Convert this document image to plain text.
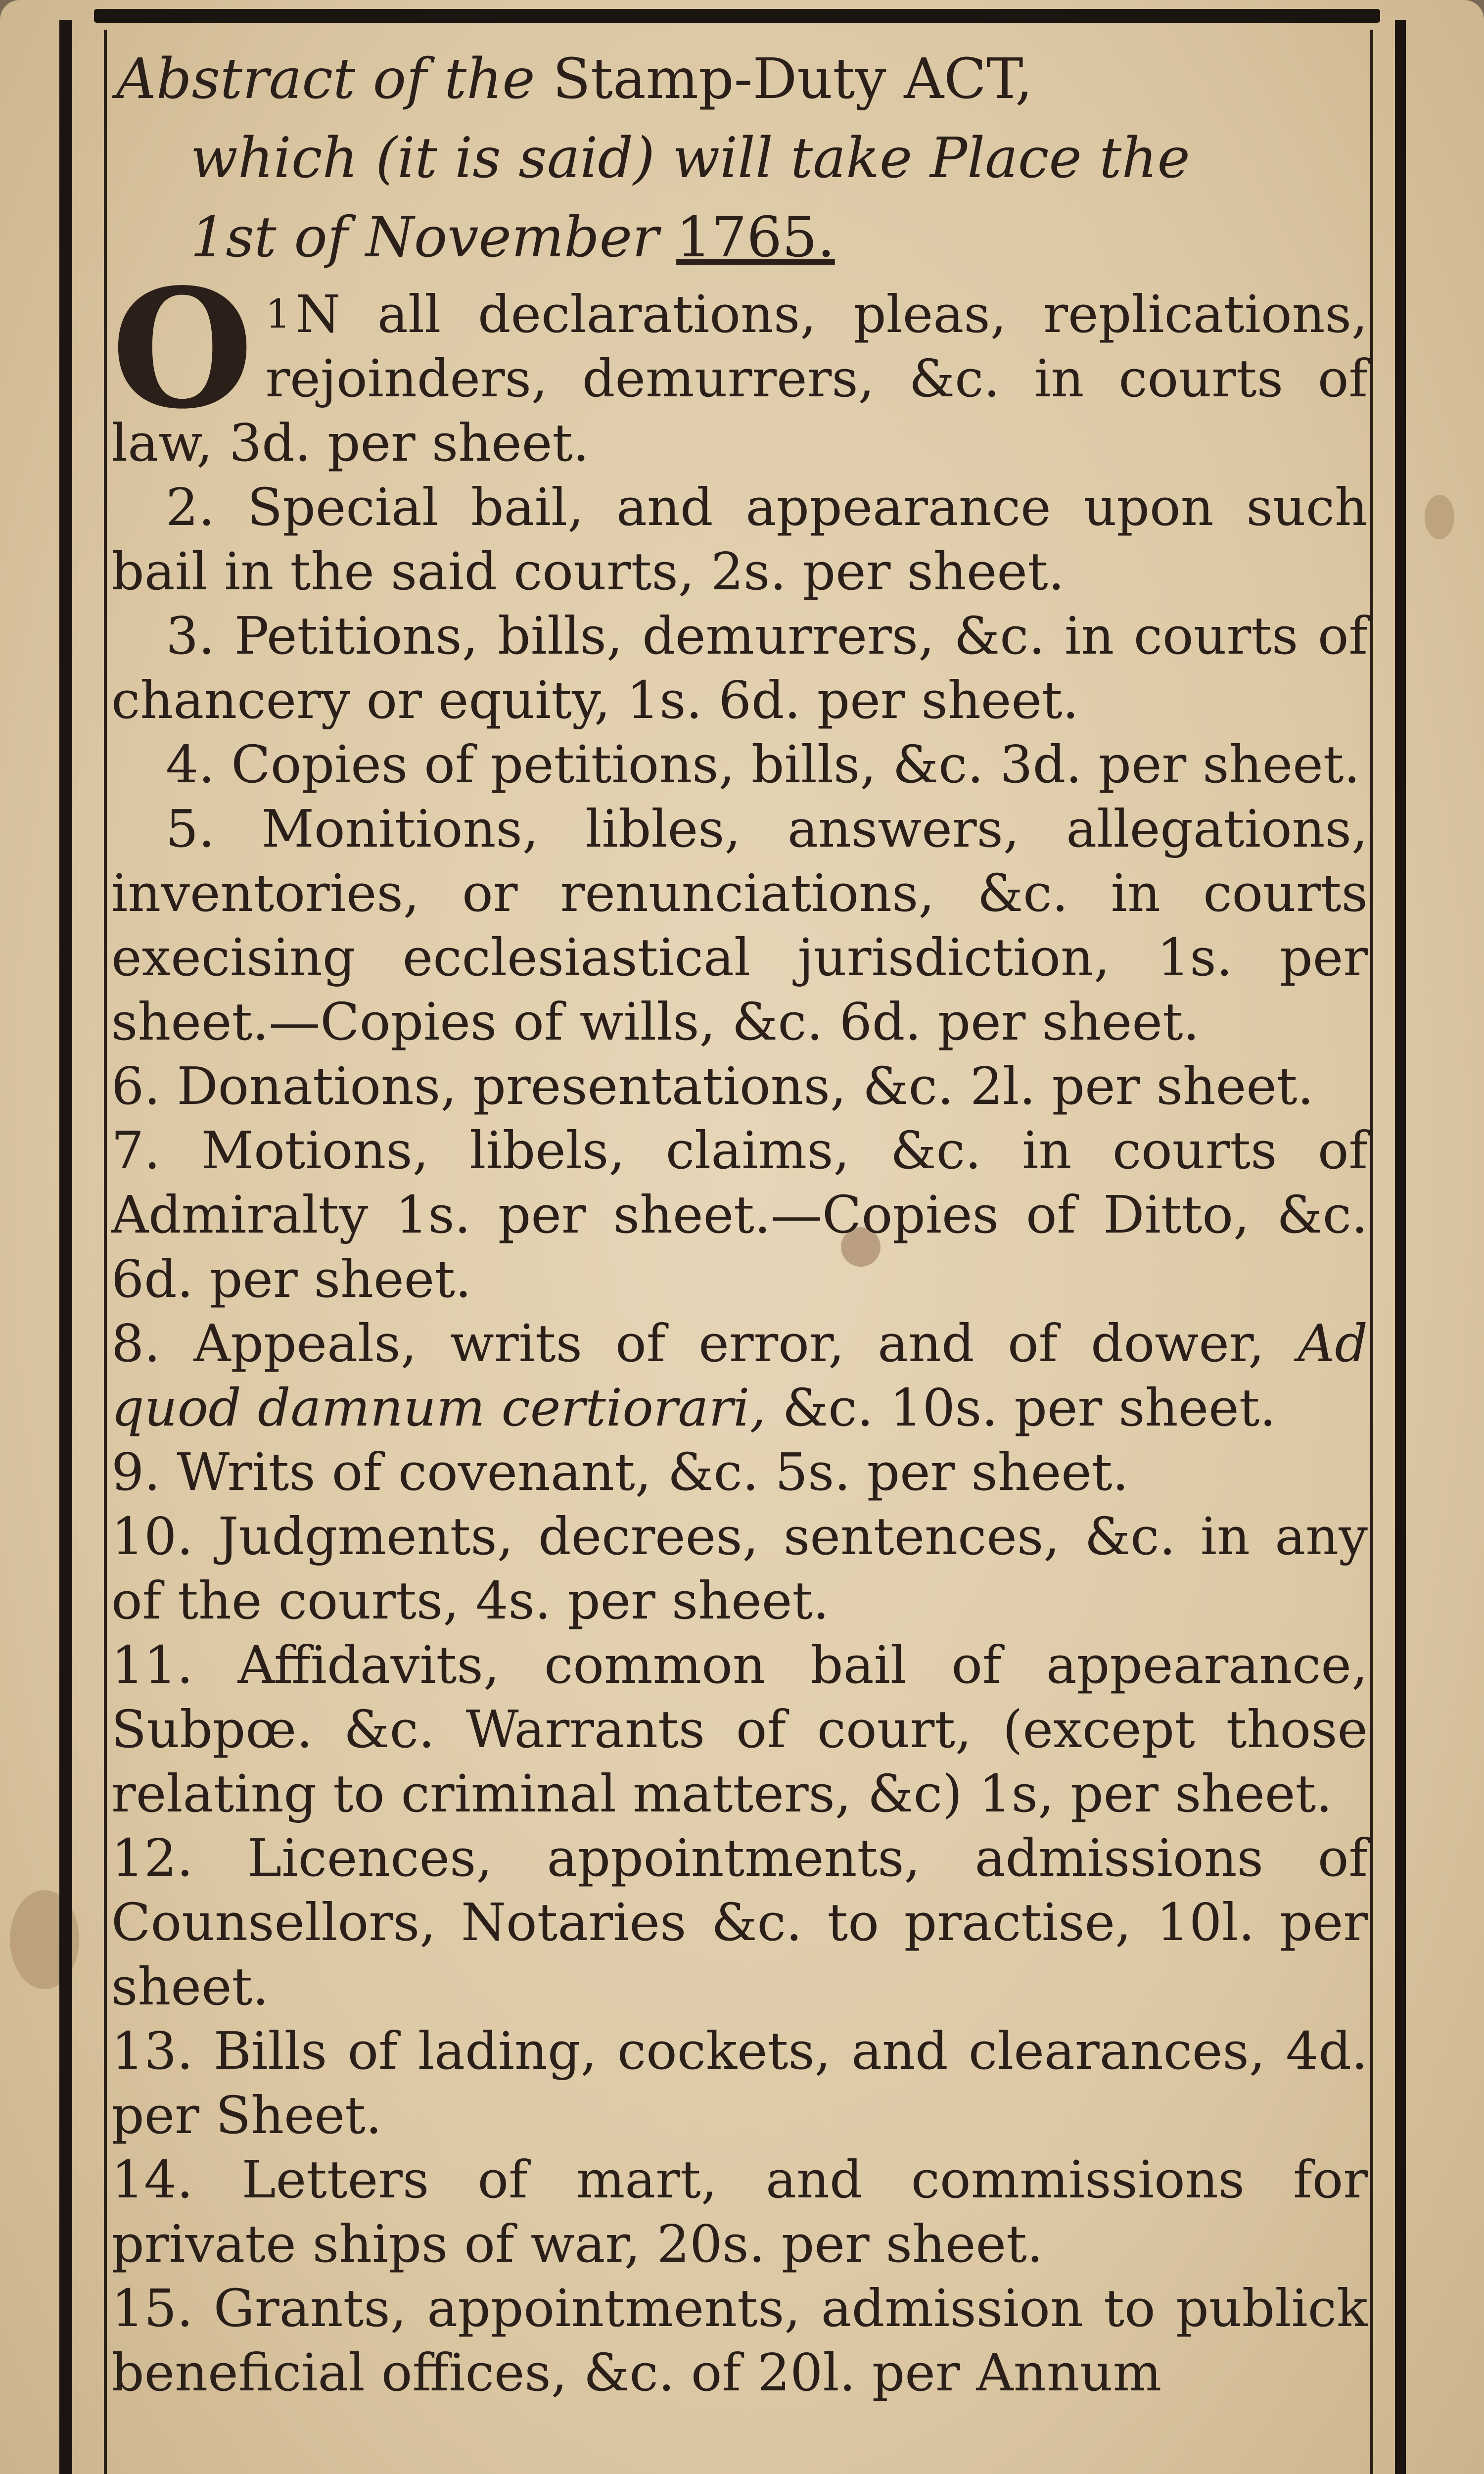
Abstract of the Stamp-Duty ACT,
which (it is said) will take Place the
1st of November 1765.

$^1$
O N all declarations, pleas, replications, rejoinders, demurrers, &c. in courts of law, 3d. per sheet.

2. Special bail, and appearance upon such bail in the said courts, 2s. per sheet.

3. Petitions, bills, demurrers, &c. in courts of chancery or equity, 1s. 6d. per sheet.

4. Copies of petitions, bills, &c. 3d. per sheet.

5. Monitions, libles, answers, allegations, inventories, or renunciations, &c. in courts execising ecclesiastical jurisdiction, 1s. per sheet.—Copies of wills, &c. 6d. per sheet.

6. Donations, presentations, &c. 2l. per sheet.

7. Motions, libels, claims, &c. in courts of Admiralty 1s. per sheet.—Copies of Ditto, &c. 6d. per sheet.

8. Appeals, writs of error, and of dower, Ad quod damnum certiorari, &c. 10s. per sheet.

9. Writs of covenant, &c. 5s. per sheet.

10. Judgments, decrees, sentences, &c. in any of the courts, 4s. per sheet.

11. Affidavits, common bail of appearance, Subpœ. &c. Warrants of court, (except those relating to criminal matters, &c) 1s, per sheet.

12. Licences, appointments, admissions of Counsellors, Notaries &c. to practise, 10l. per sheet.

13. Bills of lading, cockets, and clearances, 4d. per Sheet.

14. Letters of mart, and commissions for private ships of war, 20s. per sheet.

15. Grants, appointments, admission to publick beneficial offices, &c. of 20l. per Annum
